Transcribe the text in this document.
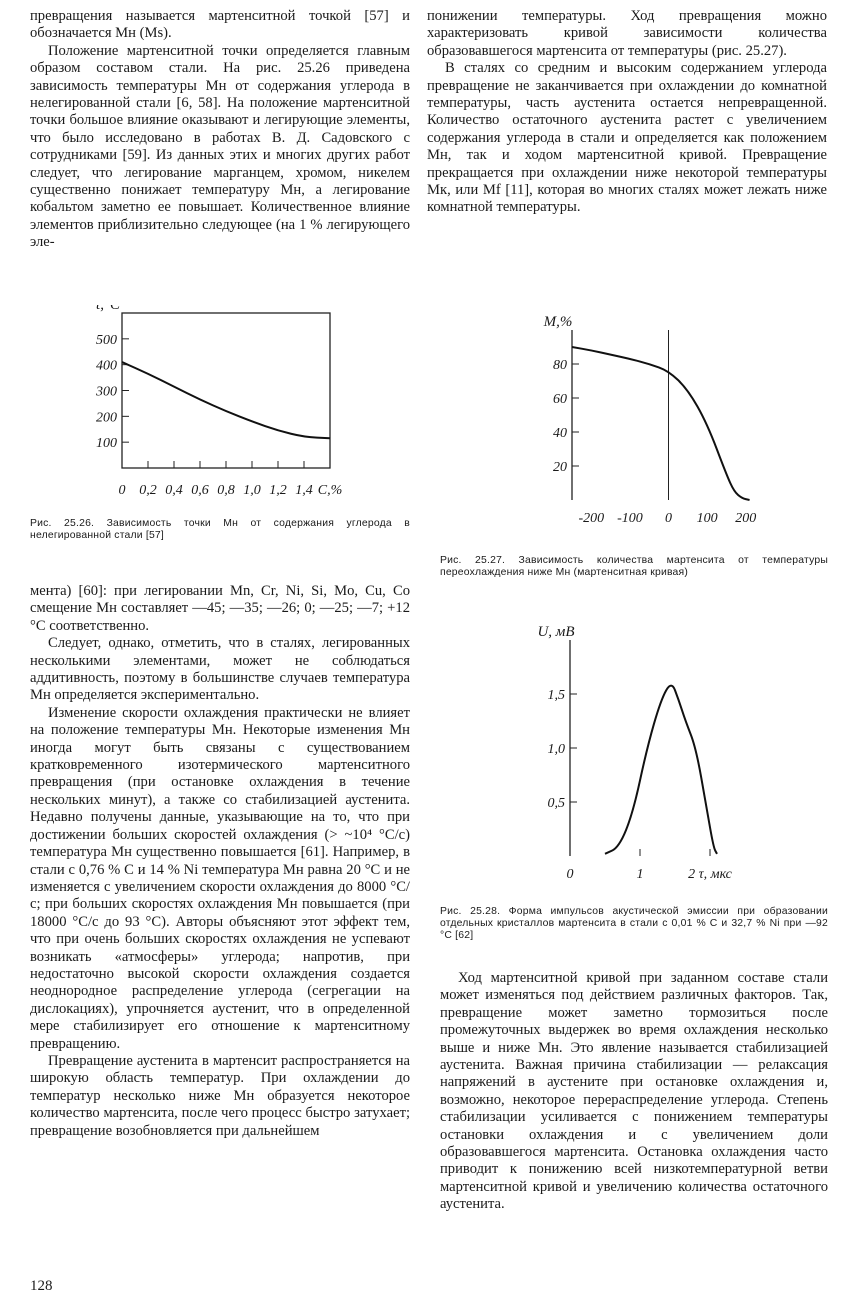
превращения называется мартенситной точкой [57] и обозначается Mн (Ms).

Положение мартенситной точки определяется главным образом составом стали. На рис. 25.26 приведена зависимость температуры Mн от содержания углерода в нелегированной стали [6, 58]. На положение мартенситной точки большое влияние оказывают и легирующие элементы, что было исследовано в работах В. Д. Садовского с сотрудниками [59]. Из данных этих и многих других работ следует, что легирование марганцем, хромом, никелем существенно понижает температуру Mн, а легирование кобальтом заметно ее повышает. Количественное влияние элементов приблизительно следующее (на 1 % легирующего эле-

100
200
300
400
500
0 0,2 0,4 0,6 0,8 1,0 1,2 1,4 C,%
t,°C
Рис. 25.26. Зависимость точки Mн от содержания углерода в нелегированной стали [57]

мента) [60]: при легировании Mn, Cr, Ni, Si, Mo, Cu, Co смещение Mн составляет —45; —35; —26; 0; —25; —7; +12 °С соответственно.

Следует, однако, отметить, что в сталях, легированных несколькими элементами, может не соблюдаться аддитивность, поэтому в большинстве случаев температура Mн определяется экспериментально.

Изменение скорости охлаждения практически не влияет на положение температуры Mн. Некоторые изменения Mн иногда могут быть связаны с существованием кратковременного изотермического мартенситного превращения (при остановке охлаждения в течение нескольких минут), а также со стабилизацией аустенита. Недавно получены данные, указывающие на то, что при достижении больших скоростей охлаждения (> ~10⁴ °С/с) температура Mн существенно повышается [61]. Например, в стали с 0,76 % C и 14 % Ni температура Mн равна 20 °С и не изменяется с увеличением скорости охлаждения до 8000 °С/с; при больших скоростях охлаждения Mн повышается (при 18000 °С/с до 93 °С). Авторы объясняют этот эффект тем, что при очень больших скоростях охлаждения не успевают возникать «атмосферы» углерода; напротив, при недостаточно высокой скорости охлаждения создается неоднородное распределение углерода (сегрегации на дислокациях), упрочняется аустенит, что в определенной мере стабилизирует его отношение к мартенситному превращению.

Превращение аустенита в мартенсит распространяется на широкую область температур. При охлаждении до температур несколько ниже Mн образуется некоторое количество мартенсита, после чего процесс быстро затухает; превращение возобновляется при дальнейшем

понижении температуры. Ход превращения можно характеризовать кривой зависимости количества образовавшегося мартенсита от температуры (рис. 25.27).

В сталях со средним и высоким содержанием углерода превращение не заканчивается при охлаждении до комнатной температуры, часть аустенита остается непревращенной. Количество остаточного аустенита растет с увеличением содержания углерода в стали и определяется как положением Mн, так и ходом мартенситной кривой. Превращение прекращается при охлаждении ниже некоторой температуры Mк, или Mf [11], которая во многих сталях может лежать ниже комнатной температуры.

20
40
60
80
-200 -100 0 100 200
M,%
Рис. 25.27. Зависимость количества мартенсита от температуры переохлаждения ниже Mн (мартенситная кривая)
0,5
1,0
1,5
0	1	2 τ, мкс
U, мВ
Рис. 25.28. Форма импульсов акустической эмиссии при образовании отдельных кристаллов мартенсита в стали с 0,01 % C и 32,7 % Ni при —92 °С [62]

Ход мартенситной кривой при заданном составе стали может изменяться под действием различных факторов. Так, превращение может заметно тормозиться после промежуточных выдержек во время охлаждения несколько выше и ниже Mн. Это явление называется стабилизацией аустенита. Важная причина стабилизации — релаксация напряжений в аустените при остановке охлаждения и, возможно, некоторое перераспределение углерода. Степень стабилизации усиливается с понижением температуры остановки охлаждения и с увеличением доли образовавшегося мартенсита. Остановка охлаждения часто приводит к понижению всей низкотемпературной ветви мартенситной кривой и увеличению количества остаточного аустенита.

128
